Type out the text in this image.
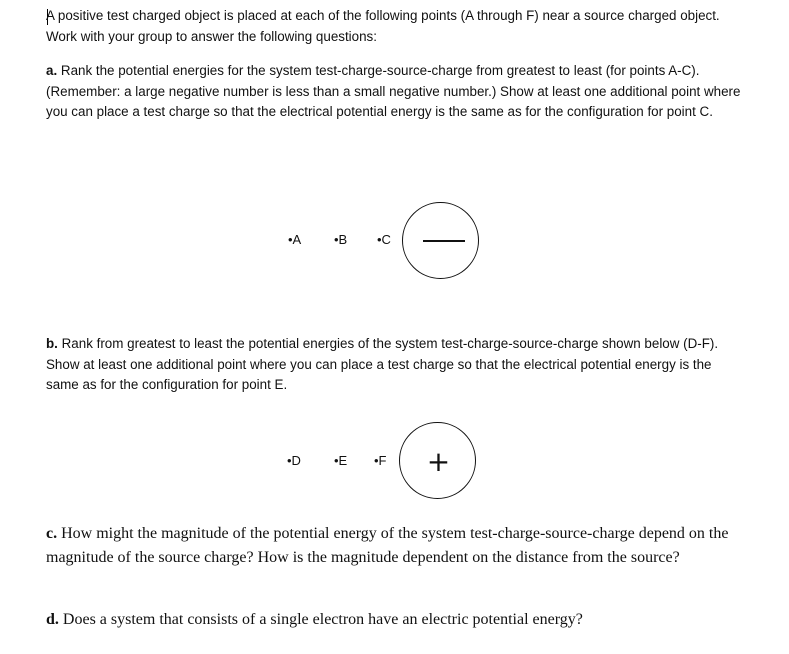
A positive test charged object is placed at each of the following points (A through F) near a source charged object. Work with your group to answer the following questions:

a. Rank the potential energies for the system test-charge-source-charge from greatest to least (for points A-C). (Remember: a large negative number is less than a small negative number.) Show at least one additional point where you can place a test charge so that the electrical potential energy is the same as for the configuration for point C.

•A	•B •C

b. Rank from greatest to least the potential energies of the system test-charge-source-charge shown below (D-F). Show at least one additional point where you can place a test charge so that the electrical potential energy is the same as for the configuration for point E.

•D	•E •F	+

c. How might the magnitude of the potential energy of the system test-charge-source-charge depend on the magnitude of the source charge? How is the magnitude dependent on the distance from the source?

d. Does a system that consists of a single electron have an electric potential energy?
